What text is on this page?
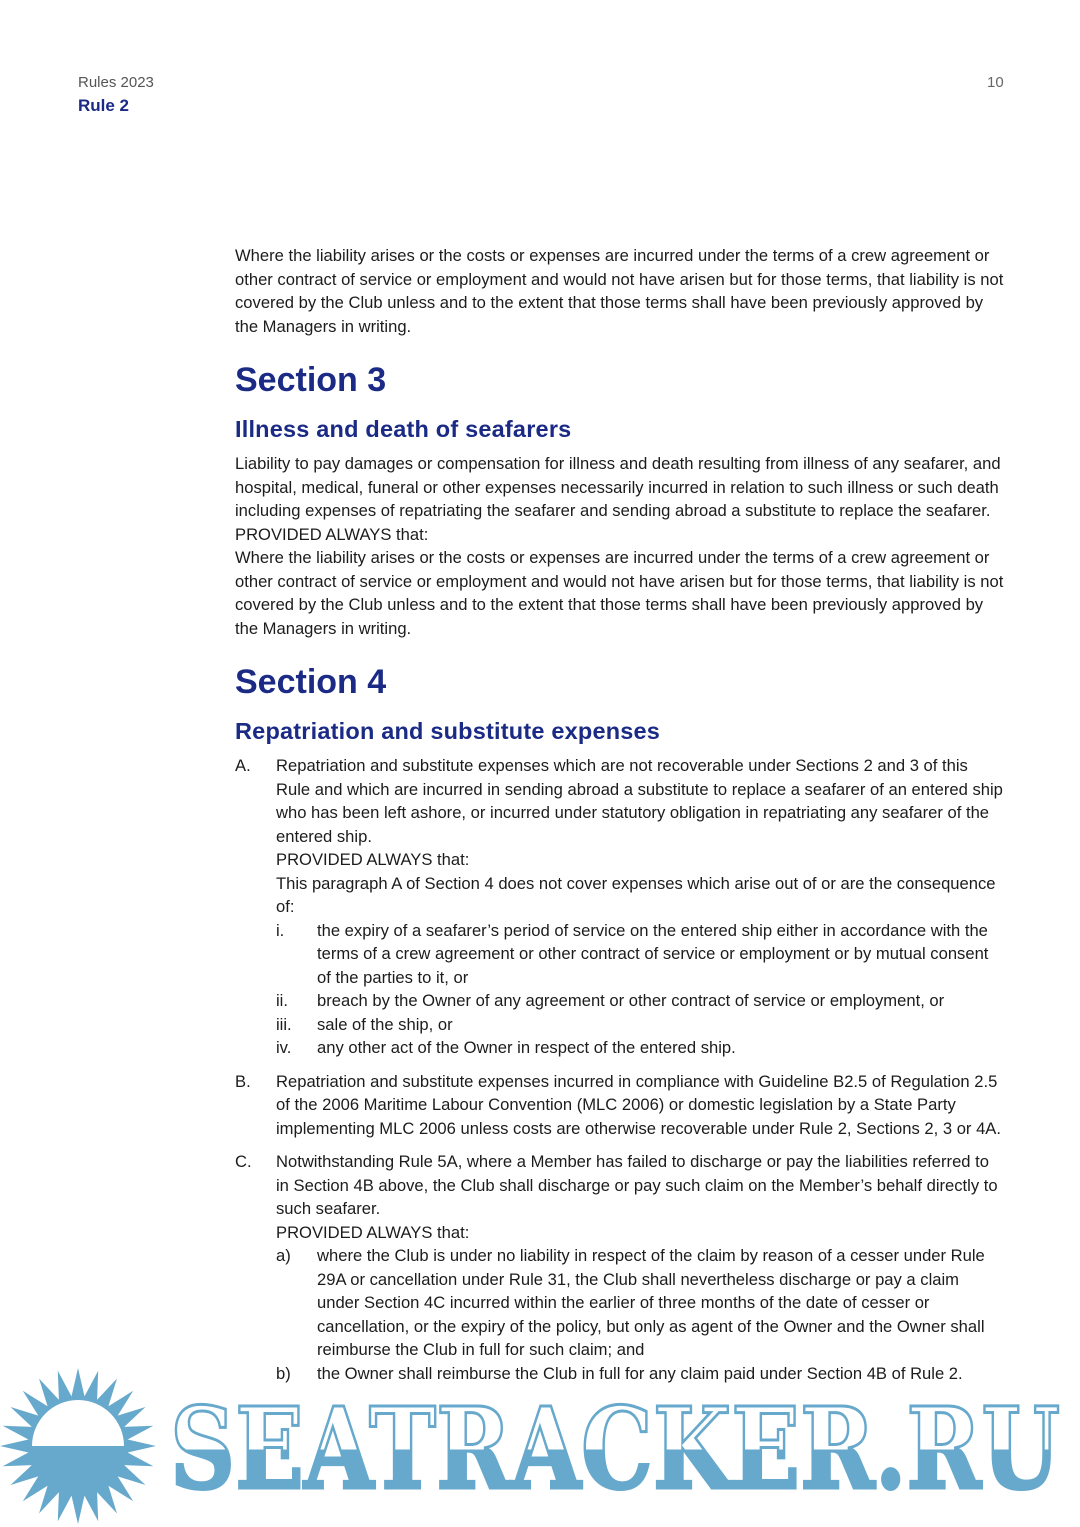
Rules 2023
Rule 2
10

Where the liability arises or the costs or expenses are incurred under the terms of a crew agreement or other contract of service or employment and would not have arisen but for those terms, that liability is not covered by the Club unless and to the extent that those terms shall have been previously approved by the Managers in writing.

Section 3
Illness and death of seafarers

Liability to pay damages or compensation for illness and death resulting from illness of any seafarer, and hospital, medical, funeral or other expenses necessarily incurred in relation to such illness or such death including expenses of repatriating the seafarer and sending abroad a substitute to replace the seafarer.

PROVIDED ALWAYS that:

Where the liability arises or the costs or expenses are incurred under the terms of a crew agreement or other contract of service or employment and would not have arisen but for those terms, that liability is not covered by the Club unless and to the extent that those terms shall have been previously approved by the Managers in writing.

Section 4
Repatriation and substitute expenses
A.	Repatriation and substitute expenses which are not recoverable under Sections 2 and 3 of this Rule and which are incurred in sending abroad a substitute to replace a seafarer of an entered ship who has been left ashore, or incurred under statutory obligation in repatriating any seafarer of the entered ship.

PROVIDED ALWAYS that:

This paragraph A of Section 4 does not cover expenses which arise out of or are the consequence of:

i.	the expiry of a seafarer’s period of service on the entered ship either in accordance with the terms of a crew agreement or other contract of service or employment or by mutual consent of the parties to it, or
ii.	breach by the Owner of any agreement or other contract of service or employment, or
iii.	sale of the ship, or
iv.	any other act of the Owner in respect of the entered ship.
B.	Repatriation and substitute expenses incurred in compliance with Guideline B2.5 of Regulation 2.5 of the 2006 Maritime Labour Convention (MLC 2006) or domestic legislation by a State Party implementing MLC 2006 unless costs are otherwise recoverable under Rule 2, Sections 2, 3 or 4A.

C.	Notwithstanding Rule 5A, where a Member has failed to discharge or pay the liabilities referred to in Section 4B above, the Club shall discharge or pay such claim on the Member’s behalf directly to such seafarer.

PROVIDED ALWAYS that:

a)	where the Club is under no liability in respect of the claim by reason of a cesser under Rule 29A or cancellation under Rule 31, the Club shall nevertheless discharge or pay a claim under Section 4C incurred within the earlier of three months of the date of cesser or cancellation, or the expiry of the policy, but only as agent of the Owner and the Owner shall reimburse the Club in full for such claim; and
b)	the Owner shall reimburse the Club in full for any claim paid under Section 4B of Rule 2.
SEATRACKER.RU
